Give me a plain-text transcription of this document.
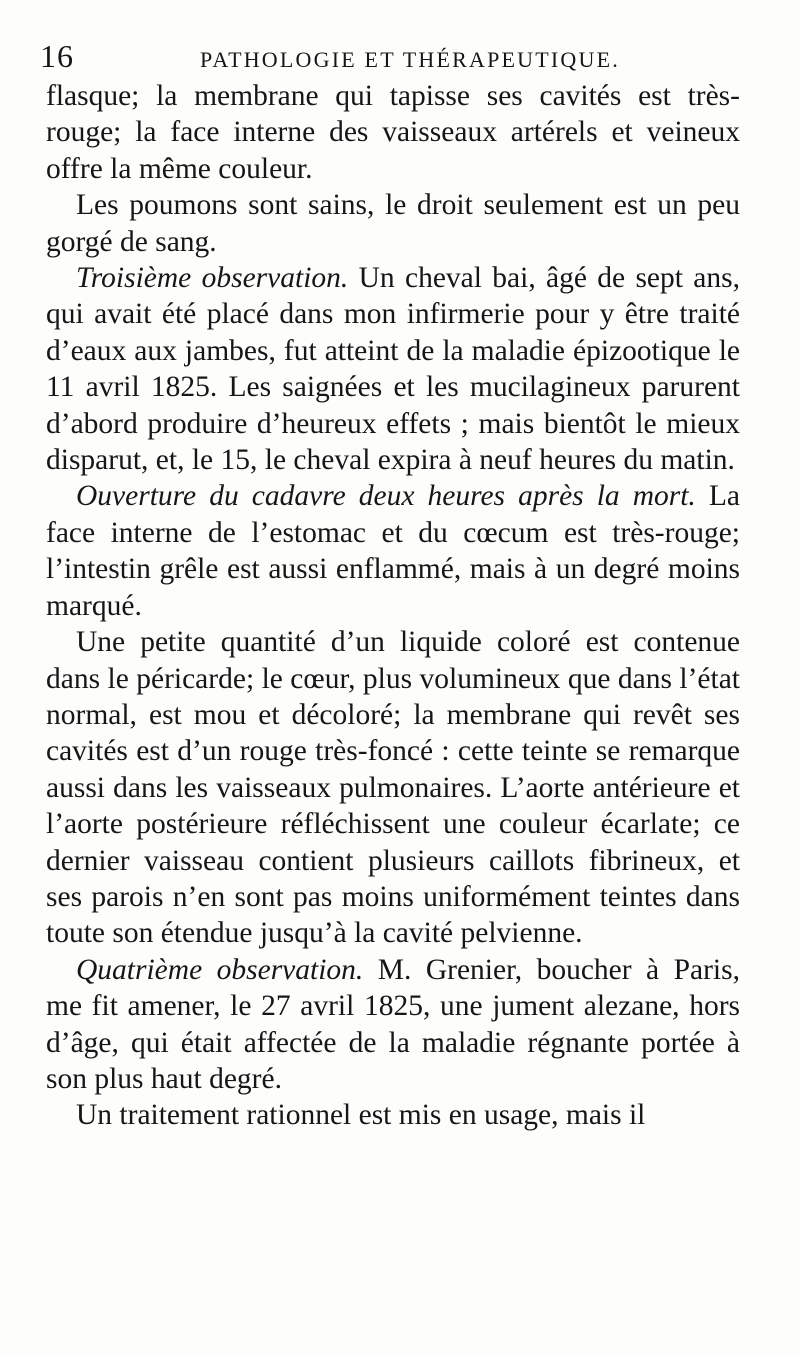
16	PATHOLOGIE ET THÉRAPEUTIQUE.

flasque; la membrane qui tapisse ses cavités est très-rouge; la face interne des vaisseaux artérels et veineux offre la même couleur.

Les poumons sont sains, le droit seulement est un peu gorgé de sang.

Troisième observation. Un cheval bai, âgé de sept ans, qui avait été placé dans mon infirmerie pour y être traité d’eaux aux jambes, fut atteint de la maladie épizootique le 11 avril 1825. Les saignées et les mucilagineux parurent d’abord produire d’heureux effets ; mais bientôt le mieux disparut, et, le 15, le cheval expira à neuf heures du matin.

Ouverture du cadavre deux heures après la mort. La face interne de l’estomac et du cœcum est très-rouge; l’intestin grêle est aussi enflammé, mais à un degré moins marqué.

Une petite quantité d’un liquide coloré est contenue dans le péricarde; le cœur, plus volumineux que dans l’état normal, est mou et décoloré; la membrane qui revêt ses cavités est d’un rouge très-foncé : cette teinte se remarque aussi dans les vaisseaux pulmonaires. L’aorte antérieure et l’aorte postérieure réfléchissent une couleur écarlate; ce dernier vaisseau contient plusieurs caillots fibrineux, et ses parois n’en sont pas moins uniformément teintes dans toute son étendue jusqu’à la cavité pelvienne.

Quatrième observation. M. Grenier, boucher à Paris, me fit amener, le 27 avril 1825, une jument alezane, hors d’âge, qui était affectée de la maladie régnante portée à son plus haut degré.

Un traitement rationnel est mis en usage, mais il
